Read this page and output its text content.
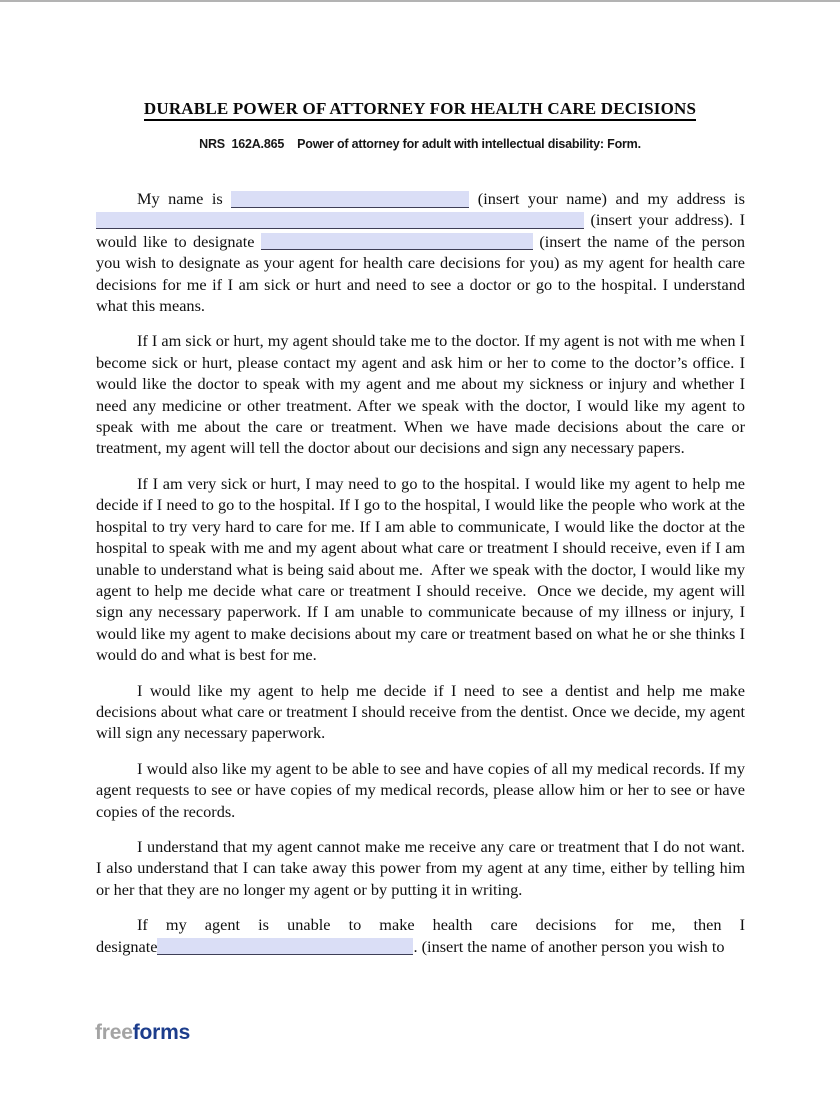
DURABLE POWER OF ATTORNEY FOR HEALTH CARE DECISIONS
NRS  162A.865    Power of attorney for adult with intellectual disability: Form.

My name is	(insert your name) and my address is  (insert your address). I would like to designate	(insert the name of the person you wish to designate as your agent for health care decisions for you) as my agent for health care decisions for me if I am sick or hurt and need to see a doctor or go to the hospital. I understand what this means.

If I am sick or hurt, my agent should take me to the doctor. If my agent is not with me when I become sick or hurt, please contact my agent and ask him or her to come to the doctor’s office. I would like the doctor to speak with my agent and me about my sickness or injury and whether I need any medicine or other treatment. After we speak with the doctor, I would like my agent to speak with me about the care or treatment. When we have made decisions about the care or treatment, my agent will tell the doctor about our decisions and sign any necessary papers.

If I am very sick or hurt, I may need to go to the hospital. I would like my agent to help me decide if I need to go to the hospital. If I go to the hospital, I would like the people who work at the hospital to try very hard to care for me. If I am able to communicate, I would like the doctor at the hospital to speak with me and my agent about what care or treatment I should receive, even if I am unable to understand what is being said about me.  After we speak with the doctor, I would like my agent to help me decide what care or treatment I should receive.  Once we decide, my agent will sign any necessary paperwork. If I am unable to communicate because of my illness or injury, I would like my agent to make decisions about my care or treatment based on what he or she thinks I would do and what is best for me.

I would like my agent to help me decide if I need to see a dentist and help me make decisions about what care or treatment I should receive from the dentist. Once we decide, my agent will sign any necessary paperwork.

I would also like my agent to be able to see and have copies of all my medical records. If my agent requests to see or have copies of my medical records, please allow him or her to see or have copies of the records.

I understand that my agent cannot make me receive any care or treatment that I do not want. I also understand that I can take away this power from my agent at any time, either by telling him or her that they are no longer my agent or by putting it in writing.

If my agent is unable to make health care decisions for me, then I designate	. (insert the name of another person you wish to

freeforms
